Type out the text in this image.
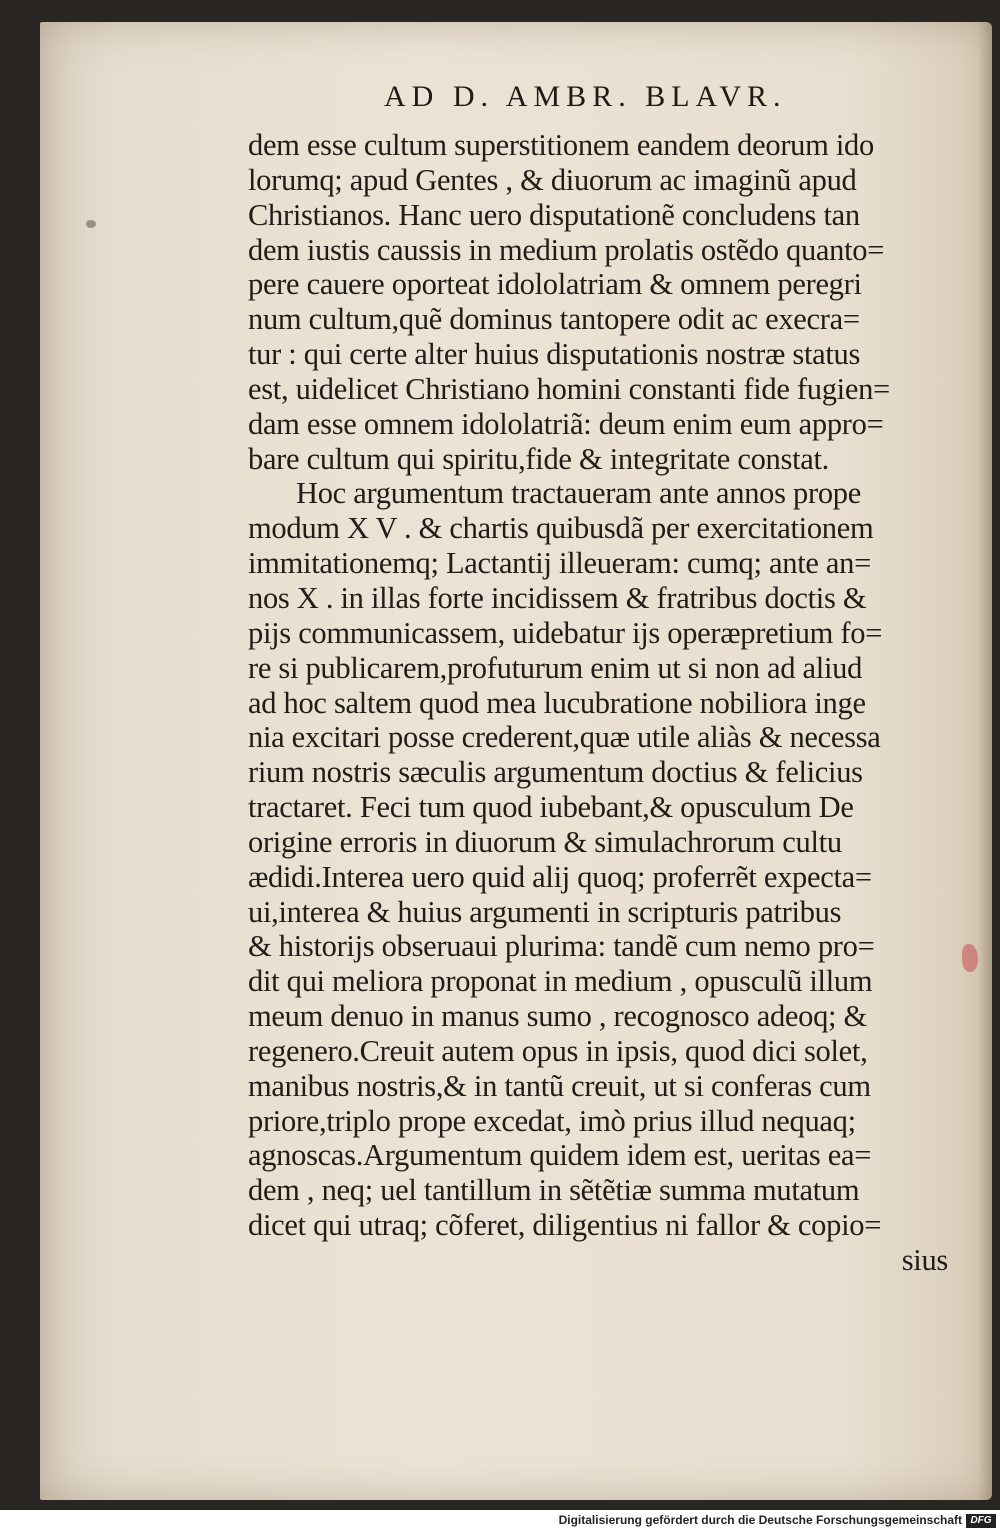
AD D. AMBR. BLAVR.
dem esse cultum superstitionem eandem deorum ido
lorumq; apud Gentes , & diuorum ac imaginũ apud
Christianos. Hanc uero disputationẽ concludens tan
dem iustis caussis in medium prolatis ostẽdo quanto=
pere cauere oporteat idololatriam & omnem peregri
num cultum,quẽ dominus tantopere odit ac execra=
tur : qui certe alter huius disputationis nostræ status
est, uidelicet Christiano homini constanti fide fugien=
dam esse omnem idololatriã: deum enim eum appro=
bare cultum qui spiritu,fide & integritate constat.
Hoc argumentum tractaueram ante annos prope
modum X V . & chartis quibusdã per exercitationem
immitationemq; Lactantij illeueram: cumq; ante an=
nos X . in illas forte incidissem & fratribus doctis &
pijs communicassem, uidebatur ijs operæpretium fo=
re si publicarem,profuturum enim ut si non ad aliud
ad hoc saltem quod mea lucubratione nobiliora inge
nia excitari posse crederent,quæ utile aliàs & necessa
rium nostris sæculis argumentum doctius & felicius
tractaret. Feci tum quod iubebant,& opusculum De
origine erroris in diuorum & simulachrorum cultu
ædidi.Interea uero quid alij quoq; proferrẽt expecta=
ui,interea & huius argumenti in scripturis patribus
& historijs obseruaui plurima: tandẽ cum nemo pro=
dit qui meliora proponat in medium , opusculũ illum
meum denuo in manus sumo , recognosco adeoq; &
regenero.Creuit autem opus in ipsis, quod dici solet,
manibus nostris,& in tantũ creuit, ut si conferas cum
priore,triplo prope excedat, imò prius illud nequaq;
agnoscas.Argumentum quidem idem est, ueritas ea=
dem , neq; uel tantillum in sẽtẽtiæ summa mutatum
dicet qui utraq; cõferet, diligentius ni fallor & copio=
sius
Digitalisierung gefördert durch die Deutsche Forschungsgemeinschaft DFG
